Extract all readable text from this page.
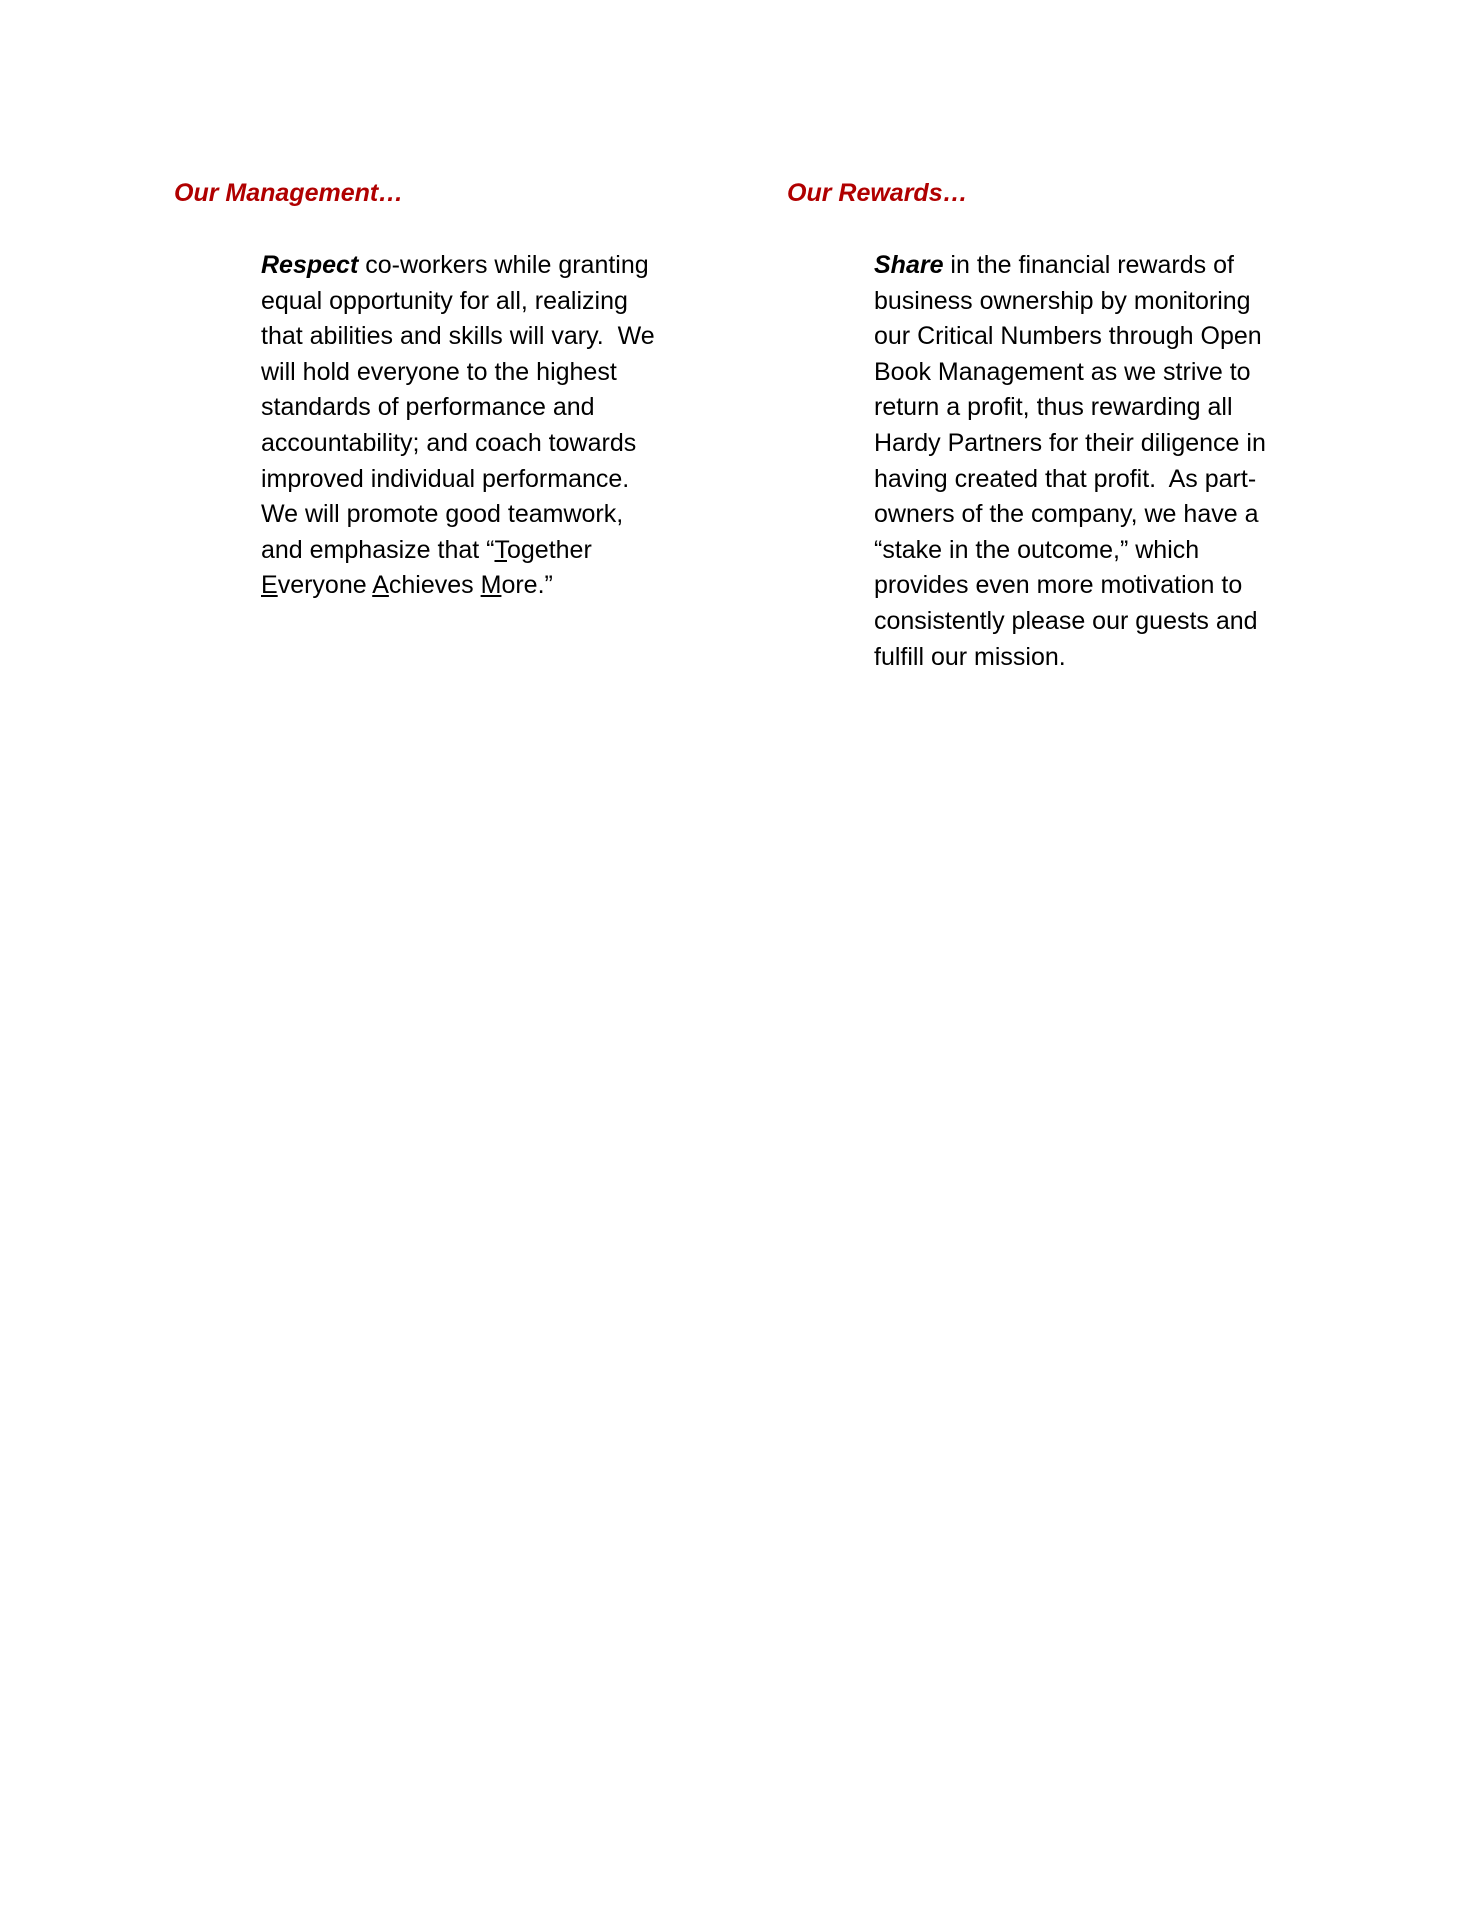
Our Management…

Respect co-workers while granting
equal opportunity for all, realizing
that abilities and skills will vary.  We
will hold everyone to the highest
standards of performance and
accountability; and coach towards
improved individual performance.
We will promote good teamwork,
and emphasize that “Together
Everyone Achieves More.”

Our Rewards…

Share in the financial rewards of
business ownership by monitoring
our Critical Numbers through Open
Book Management as we strive to
return a profit, thus rewarding all
Hardy Partners for their diligence in
having created that profit.  As part-
owners of the company, we have a
“stake in the outcome,” which
provides even more motivation to
consistently please our guests and
fulfill our mission.
